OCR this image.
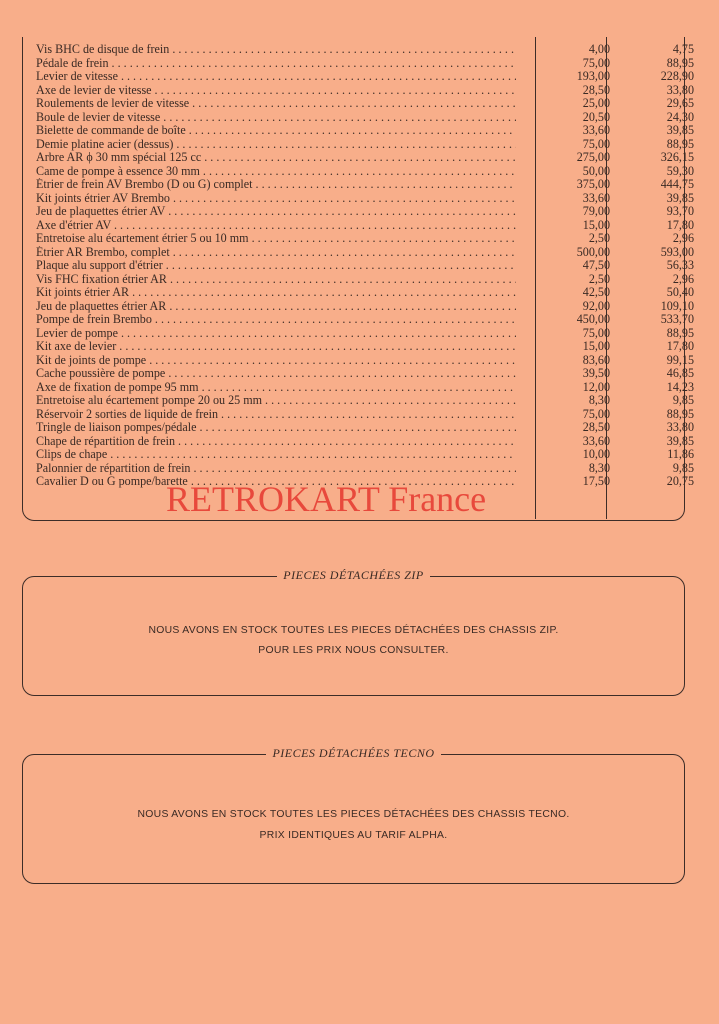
Vis BHC de disque de frein . . .	4,00	4,75
Pédale de frein . . .	75,00	88,95
Levier de vitesse . . .	193,00	228,90
Axe de levier de vitesse . . .	28,50	33,80
Roulements de levier de vitesse . . .	25,00	29,65
Boule de levier de vitesse . . .	20,50	24,30
Bielette de commande de boîte . . .	33,60	39,85
Demie platine acier (dessus) . . .	75,00	88,95
Arbre AR ϕ 30 mm spécial 125 cc . . .	275,00	326,15
Came de pompe à essence 30 mm . . .	50,00	59,30
Étrier de frein AV Brembo (D ou G) complet . . .	375,00	444,75
Kit joints étrier AV Brembo . . .	33,60	39,85
Jeu de plaquettes étrier AV . . .	79,00	93,70
Axe d'étrier AV . . .	15,00	17,80
Entretoise alu écartement étrier 5 ou 10 mm . . .	2,50	2,96
Étrier AR Brembo, complet . . .	500,00	593,00
Plaque alu support d'étrier . . .	47,50	56,33
Vis FHC fixation étrier AR . . .	2,50	2,96
Kit joints étrier AR . . .	42,50	50,40
Jeu de plaquettes étrier AR . . .	92,00	109,10
Pompe de frein Brembo . . .	450,00	533,70
Levier de pompe . . .	75,00	88,95
Kit axe de levier . . .	15,00	17,80
Kit de joints de pompe . . .	83,60	99,15
Cache poussière de pompe . . .	39,50	46,85
Axe de fixation de pompe 95 mm . . .	12,00	14,23
Entretoise alu écartement pompe 20 ou 25 mm . . .	8,30	9,85
Réservoir 2 sorties de liquide de frein . . .	75,00	88,95
Tringle de liaison pompes/pédale . . .	28,50	33,80
Chape de répartition de frein . . .	33,60	39,85
Clips de chape . . .	10,00	11,86
Palonnier de répartition de frein . . .	8,30	9,85
Cavalier D ou G pompe/barette . . .	17,50	20,75
RETROKART France
PIECES DÉTACHÉES ZIP
NOUS AVONS EN STOCK TOUTES LES PIECES DÉTACHÉES DES CHASSIS ZIP.
POUR LES PRIX NOUS CONSULTER.
PIECES DÉTACHÉES TECNO
NOUS AVONS EN STOCK TOUTES LES PIECES DÉTACHÉES DES CHASSIS TECNO.
PRIX IDENTIQUES AU TARIF ALPHA.
